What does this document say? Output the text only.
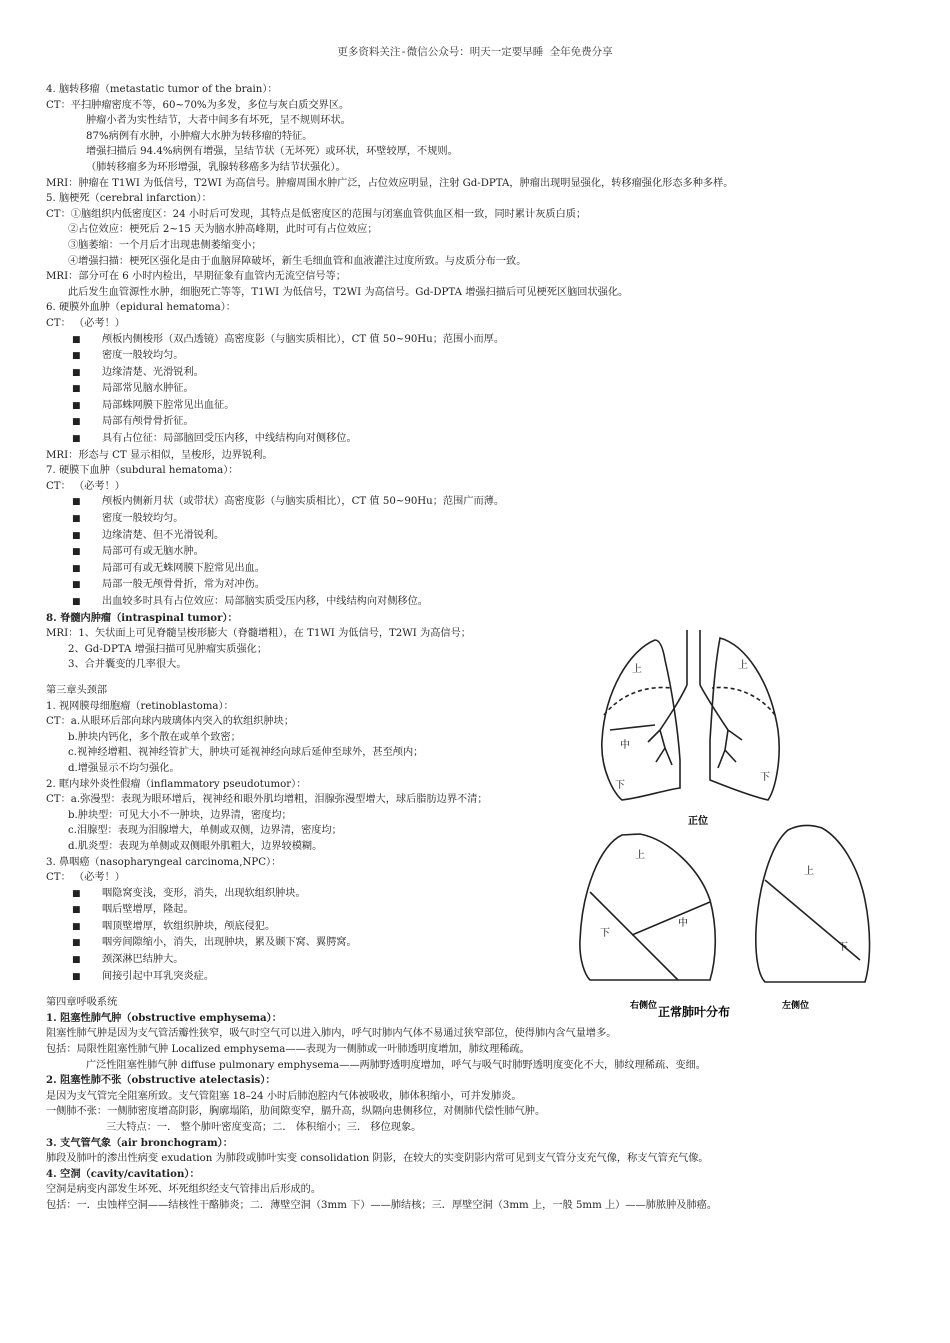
更多资料关注-微信公众号：明天一定要早睡 全年免费分享
4. 脑转移瘤（metastatic tumor of the brain）：
CT：平扫肿瘤密度不等，60~70%为多发，多位与灰白质交界区。
肿瘤小者为实性结节，大者中间多有坏死，呈不规则环状。
87%病例有水肿，小肿瘤大水肿为转移瘤的特征。
增强扫描后 94.4%病例有增强，呈结节状（无坏死）或环状，环壁较厚，不规则。
（肺转移瘤多为环形增强，乳腺转移癌多为结节状强化）。
MRI：肿瘤在 T1WI 为低信号，T2WI 为高信号。肿瘤周围水肿广泛，占位效应明显，注射 Gd-DPTA，肿瘤出现明显强化，转移瘤强化形态多种多样。
5. 脑梗死（cerebral infarction）：
CT：①脑组织内低密度区：24 小时后可发现，其特点是低密度区的范围与闭塞血管供血区相一致，同时累计灰质白质；
②占位效应：梗死后 2~15 天为脑水肿高峰期，此时可有占位效应；
③脑萎缩：一个月后才出现患侧萎缩变小；
④增强扫描：梗死区强化是由于血脑屏障破坏，新生毛细血管和血液灌注过度所致。与皮质分布一致。
MRI：部分可在 6 小时内检出，早期征象有血管内无流空信号等；
此后发生血管源性水肿，细胞死亡等等，T1WI 为低信号，T2WI 为高信号。Gd-DPTA 增强扫描后可见梗死区脑回状强化。
6. 硬膜外血肿（epidural hematoma）：
CT： （必考！）
■ 颅板内侧梭形（双凸透镜）高密度影（与脑实质相比），CT 值 50~90Hu；范围小而厚。
■ 密度一般较均匀。
■ 边缘清楚、光滑锐利。
■ 局部常见脑水肿征。
■ 局部蛛网膜下腔常见出血征。
■ 局部有颅骨骨折征。
■ 具有占位征：局部脑回受压内移，中线结构向对侧移位。
MRI：形态与 CT 显示相似，呈梭形，边界锐利。
7. 硬膜下血肿（subdural hematoma）：
CT： （必考！）
■ 颅板内侧新月状（或带状）高密度影（与脑实质相比），CT 值 50~90Hu；范围广而薄。
■ 密度一般较均匀。
■ 边缘清楚、但不光滑锐利。
■ 局部可有或无脑水肿。
■ 局部可有或无蛛网膜下腔常见出血。
■ 局部一般无颅骨骨折，常为对冲伤。
■ 出血较多时具有占位效应：局部脑实质受压内移，中线结构向对侧移位。
8. 脊髓内肿瘤（intraspinal tumor）：
MRI：1、矢状面上可见脊髓呈梭形膨大（脊髓增粗），在 T1WI 为低信号，T2WI 为高信号；
2、Gd-DPTA 增强扫描可见肿瘤实质强化；
3、合并囊变的几率很大。
第三章头颈部
1. 视网膜母细胞瘤（retinoblastoma）：
CT：a.从眼环后部向球内玻璃体内突入的软组织肿块；
b.肿块内钙化，多个散在或单个致密；
c.视神经增粗、视神经管扩大，肿块可延视神经向球后延伸至球外，甚至颅内；
d.增强显示不均匀强化。
2. 眶内球外炎性假瘤（inflammatory pseudotumor）：
CT：a.弥漫型：表现为眼环增后，视神经和眼外肌均增粗，泪腺弥漫型增大，球后脂肪边界不清；
b.肿块型：可见大小不一肿块，边界清，密度均；
c.泪腺型：表现为泪腺增大，单侧或双侧，边界清，密度均；
d.肌炎型：表现为单侧或双侧眼外肌粗大，边界较模糊。
3. 鼻咽癌（nasopharyngeal carcinoma,NPC）：
CT： （必考！）
■ 咽隐窝变浅，变形，消失，出现软组织肿块。
■ 咽后壁增厚，隆起。
■ 咽顶壁增厚，软组织肿块，颅底侵犯。
■ 咽旁间隙缩小，消失，出现肿块，累及颞下窝、翼腭窝。
■ 颈深淋巴结肿大。
■ 间接引起中耳乳突炎症。
第四章呼吸系统
1. 阻塞性肺气肿（obstructive emphysema）：
阻塞性肺气肿是因为支气管活瓣性狭窄，吸气时空气可以进入肺内，呼气时肺内气体不易通过狭窄部位，使得肺内含气量增多。
包括：局限性阻塞性肺气肿 Localized emphysema——表现为一侧肺或一叶肺透明度增加，肺纹理稀疏。
广泛性阻塞性肺气肿 diffuse pulmonary emphysema——两肺野透明度增加，呼气与吸气时肺野透明度变化不大，肺纹理稀疏、变细。
2. 阻塞性肺不张（obstructive atelectasis）：
是因为支气管完全阻塞所致。支气管阻塞 18–24 小时后肺泡腔内气体被吸收，肺体积缩小，可并发肺炎。
一侧肺不张：一侧肺密度增高阴影，胸廓塌陷，肋间隙变窄，膈升高，纵隔向患侧移位，对侧肺代偿性肺气肿。
三大特点：一． 整个肺叶密度变高；二． 体积缩小；三． 移位现象。
3. 支气管气象（air bronchogram）：
肺段及肺叶的渗出性病变 exudation 为肺段或肺叶实变 consolidation 阴影，在较大的实变阴影内常可见到支气管分支充气像，称支气管充气像。
4. 空洞（cavity/cavitation）：
空洞是病变内部发生坏死、坏死组织经支气管排出后形成的。
包括：一．虫蚀样空洞——结核性干酪肺炎；二．薄壁空洞（3mm 下）——肺结核；三．厚壁空洞（3mm 上，一般 5mm 上）——肺脓肿及肺癌。
上	上
中
下
下
正位
上
中
下
右侧位
上
下
左侧位
正常肺叶分布
